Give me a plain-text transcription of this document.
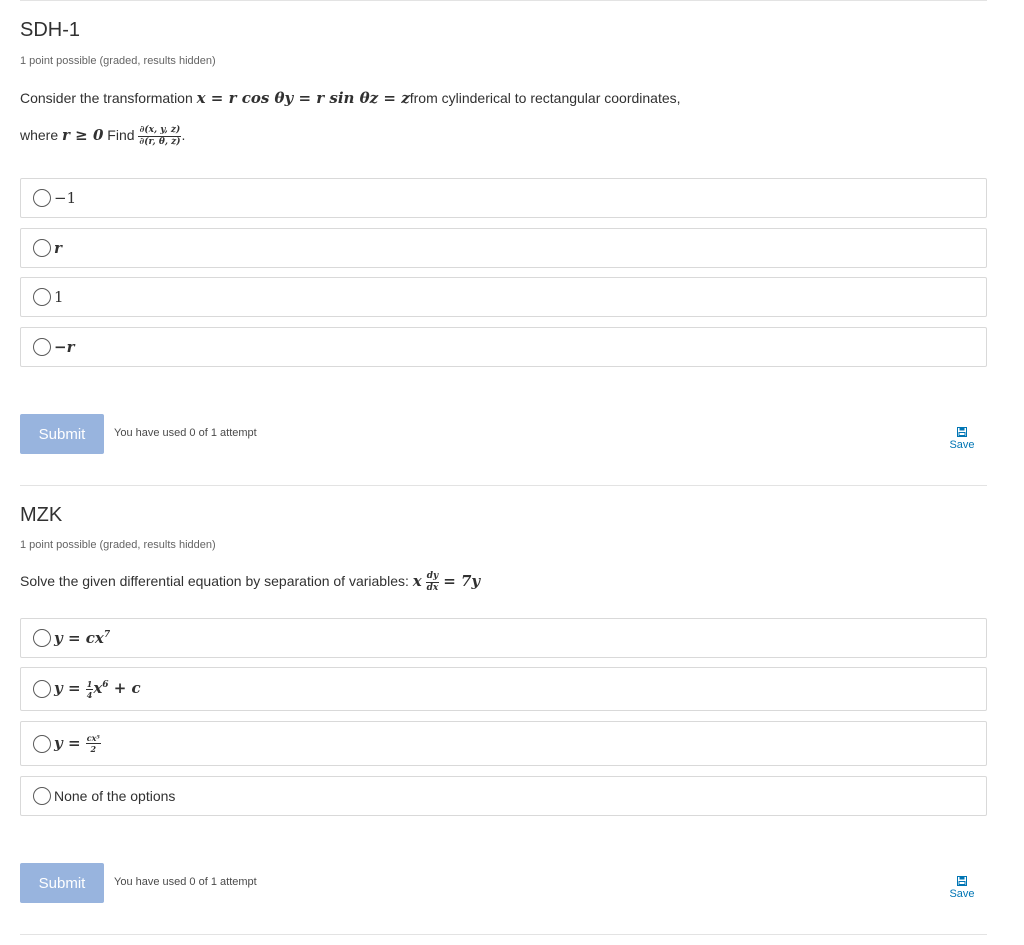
SDH-1
1 point possible (graded, results hidden)
Consider the transformation x = r cos θy = r sin θz = zfrom cylinderical to rectangular coordinates,
where r ≥ 0 Find $\frac{\partial(x, y, z)}{\partial(r, \theta, z)}$ .
−1
r
1
−r
Submit	You have used 0 of 1 attempt
Save
MZK
1 point possible (graded, results hidden)
Solve the given differential equation by separation of variables: x $\frac{dy}{dx} = 7y$
$y = cx^7$
$y = \frac{1}{4} x^6 + c$
$y = \frac{\text{cx⁵}}{2}$
None of the options
Submit	You have used 0 of 1 attempt
Save
